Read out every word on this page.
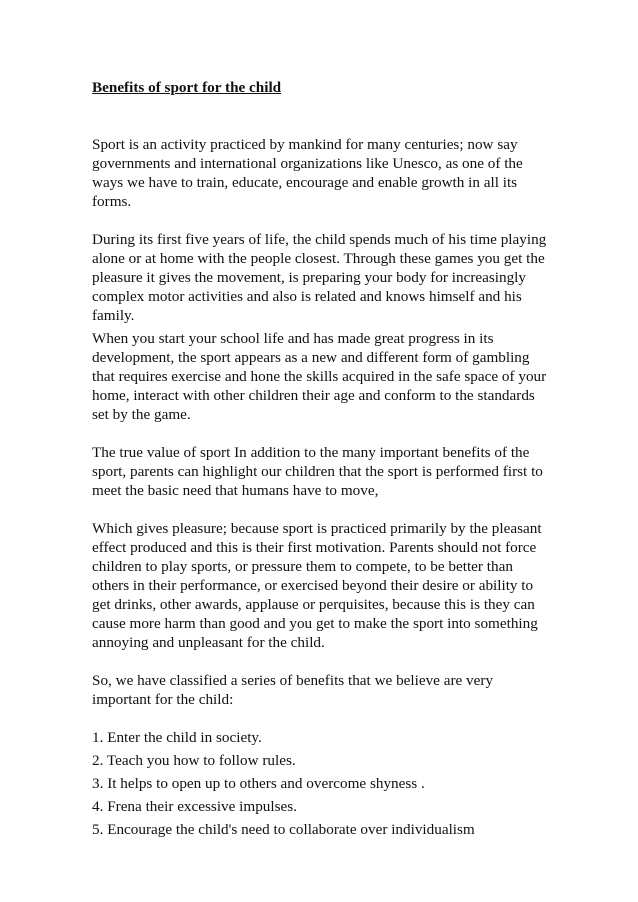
Benefits of sport for the child

Sport is an activity practiced by mankind for many centuries; now say governments and international organizations like Unesco, as one of the ways we have to train, educate, encourage and enable growth in all its forms.

During its first five years of life, the child spends much of his time playing alone or at home with the people closest. Through these games you get the pleasure it gives the movement, is preparing your body for increasingly complex motor activities and also is related and knows himself and his family.

When you start your school life and has made great progress in its development, the sport appears as a new and different form of gambling that requires exercise and hone the skills acquired in the safe space of your home, interact with other children their age and conform to the standards set by the game.

The true value of sport In addition to the many important benefits of the sport, parents can highlight our children that the sport is performed first to meet the basic need that humans have to move,

Which gives pleasure; because sport is practiced primarily by the pleasant effect produced and this is their first motivation. Parents should not force children to play sports, or pressure them to compete, to be better than others in their performance, or exercised beyond their desire or ability to get drinks, other awards, applause or perquisites, because this is they can cause more harm than good and you get to make the sport into something annoying and unpleasant for the child.

So, we have classified a series of benefits that we believe are very important for the child:

1. Enter the child in society.
2. Teach you how to follow rules.
3. It helps to open up to others and overcome shyness .
4. Frena their excessive impulses.
5. Encourage the child's need to collaborate over individualism
